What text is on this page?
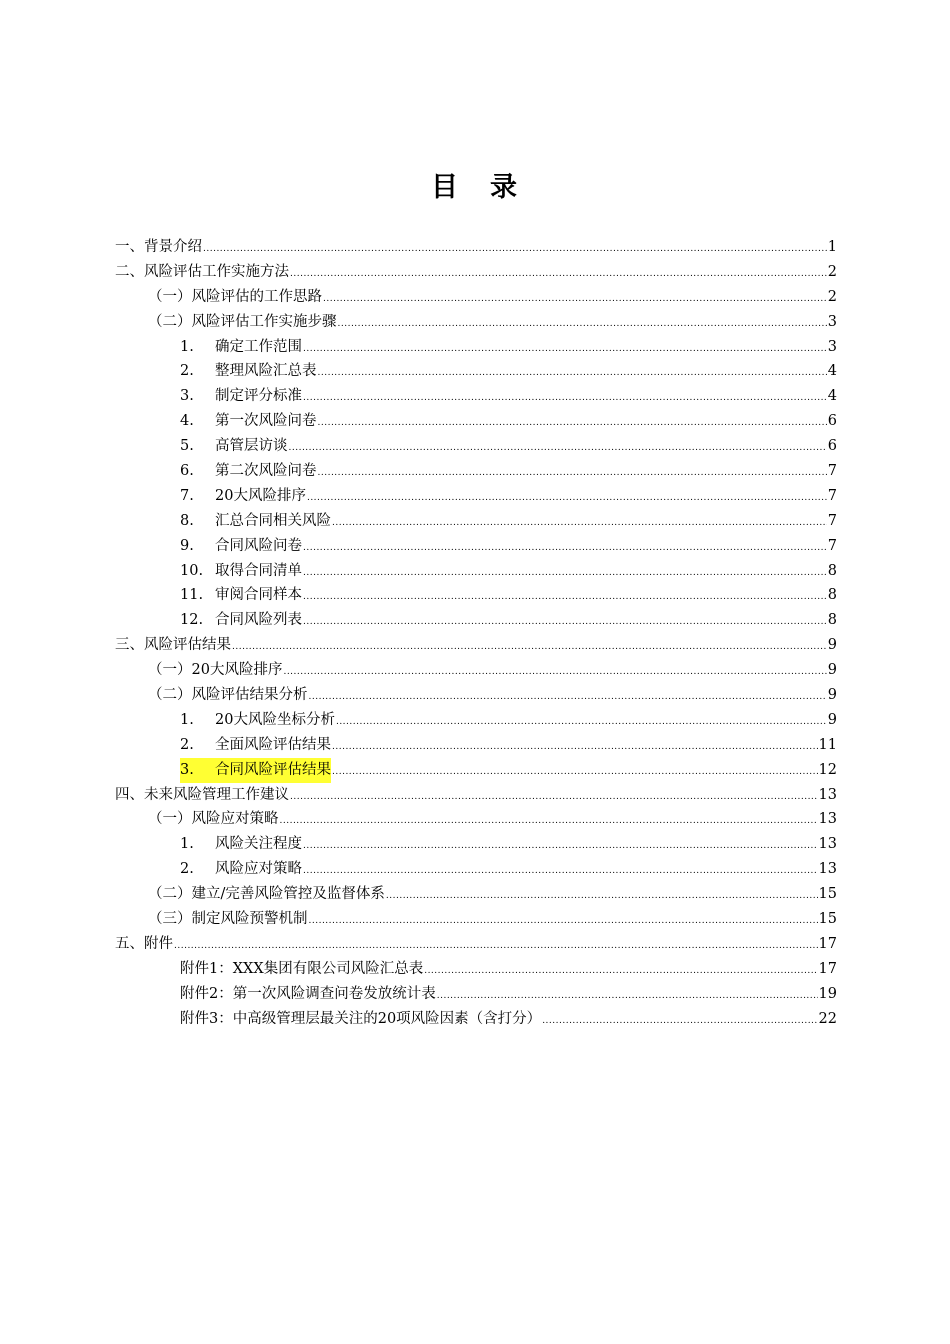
目 录
一、背景介绍 .....	1
二、风险评估工作实施方法 .....	2
（一）风险评估的工作思路 .....	2
（二）风险评估工作实施步骤 .....	3
1. 确定工作范围 .....	3
2. 整理风险汇总表 .....	4
3. 制定评分标准 .....	4
4. 第一次风险问卷 .....	6
5. 高管层访谈 .....	6
6. 第二次风险问卷 .....	7
7. 20大风险排序 .....	7
8. 汇总合同相关风险 .....	7
9. 合同风险问卷 .....	7
10. 取得合同清单 .....	8
11. 审阅合同样本 .....	8
12. 合同风险列表 .....	8
三、风险评估结果 .....	9
（一）20大风险排序 .....	9
（二）风险评估结果分析 .....	9
1. 20大风险坐标分析 .....	9
2. 全面风险评估结果 .....	11
3. 合同风险评估结果 .....	12
四、未来风险管理工作建议 .....	13
（一）风险应对策略 .....	13
1. 风险关注程度 .....	13
2. 风险应对策略 .....	13
（二）建立/完善风险管控及监督体系 .....	15
（三）制定风险预警机制 .....	15
五、附件 .....	17
附件1：XXX集团有限公司风险汇总表 .....	17
附件2：第一次风险调查问卷发放统计表 .....	19
附件3：中高级管理层最关注的20项风险因素（含打分） .....	22
